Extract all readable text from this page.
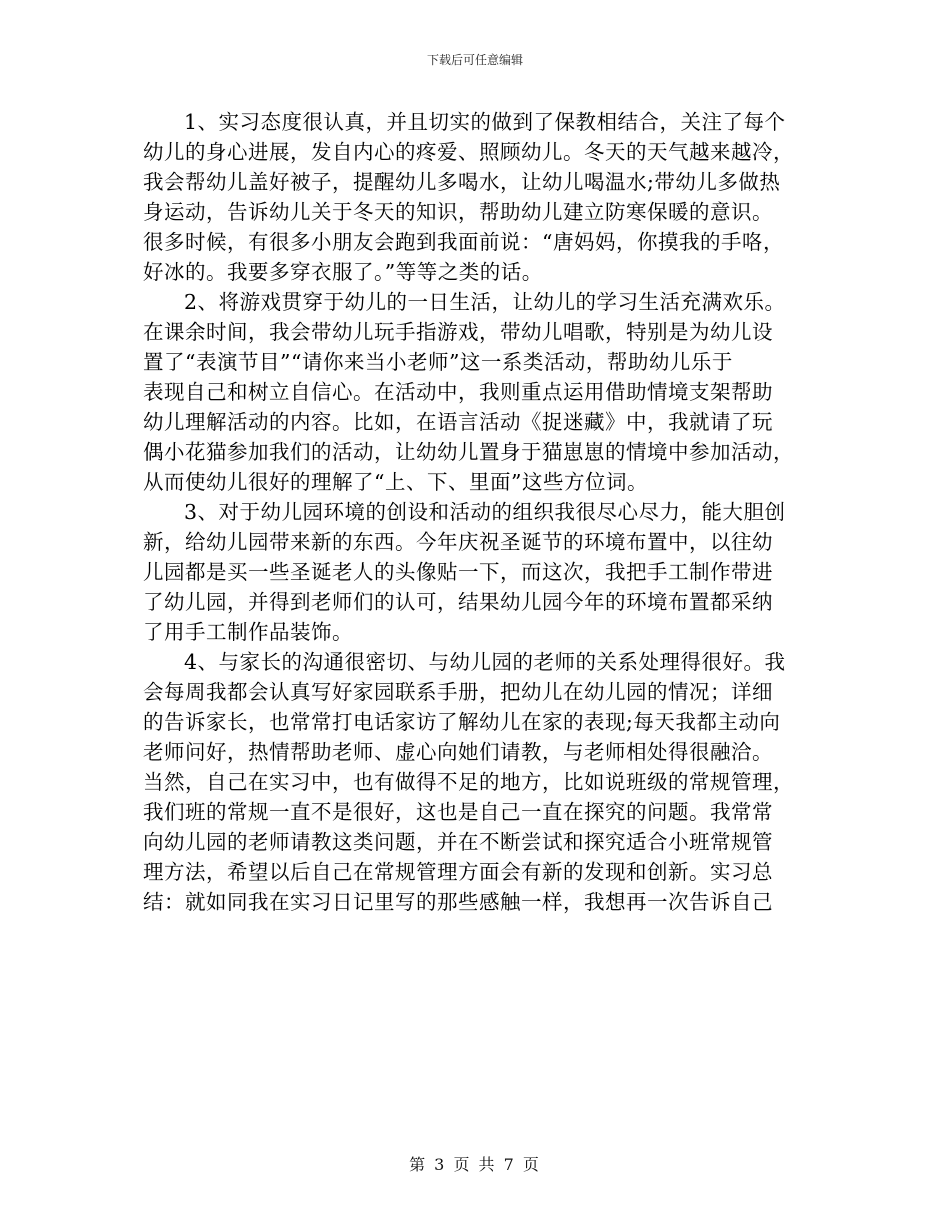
下载后可任意编辑

1、实习态度很认真，并且切实的做到了保教相结合，关注了每个
幼儿的身心进展，发自内心的疼爱、照顾幼儿。冬天的天气越来越冷，
我会帮幼儿盖好被子，提醒幼儿多喝水，让幼儿喝温水;带幼儿多做热
身运动，告诉幼儿关于冬天的知识，帮助幼儿建立防寒保暖的意识。
很多时候，有很多小朋友会跑到我面前说：“唐妈妈，你摸我的手咯，
好冰的。我要多穿衣服了。”等等之类的话。

2、将游戏贯穿于幼儿的一日生活，让幼儿的学习生活充满欢乐。
在课余时间，我会带幼儿玩手指游戏，带幼儿唱歌，特别是为幼儿设
置了“表演节目”“请你来当小老师”这一系类活动，帮助幼儿乐于
表现自己和树立自信心。在活动中，我则重点运用借助情境支架帮助
幼儿理解活动的内容。比如，在语言活动《捉迷藏》中，我就请了玩
偶小花猫参加我们的活动，让幼幼儿置身于猫崽崽的情境中参加活动，
从而使幼儿很好的理解了“上、下、里面”这些方位词。

3、对于幼儿园环境的创设和活动的组织我很尽心尽力，能大胆创
新，给幼儿园带来新的东西。今年庆祝圣诞节的环境布置中，以往幼
儿园都是买一些圣诞老人的头像贴一下，而这次，我把手工制作带进
了幼儿园，并得到老师们的认可，结果幼儿园今年的环境布置都采纳
了用手工制作品装饰。

4、与家长的沟通很密切、与幼儿园的老师的关系处理得很好。我
会每周我都会认真写好家园联系手册，把幼儿在幼儿园的情况；详细
的告诉家长，也常常打电话家访了解幼儿在家的表现;每天我都主动向
老师问好，热情帮助老师、虚心向她们请教，与老师相处得很融洽。
当然，自己在实习中，也有做得不足的地方，比如说班级的常规管理，
我们班的常规一直不是很好，这也是自己一直在探究的问题。我常常
向幼儿园的老师请教这类问题，并在不断尝试和探究适合小班常规管
理方法，希望以后自己在常规管理方面会有新的发现和创新。实习总
结：就如同我在实习日记里写的那些感触一样，我想再一次告诉自己

第 3 页 共 7 页
